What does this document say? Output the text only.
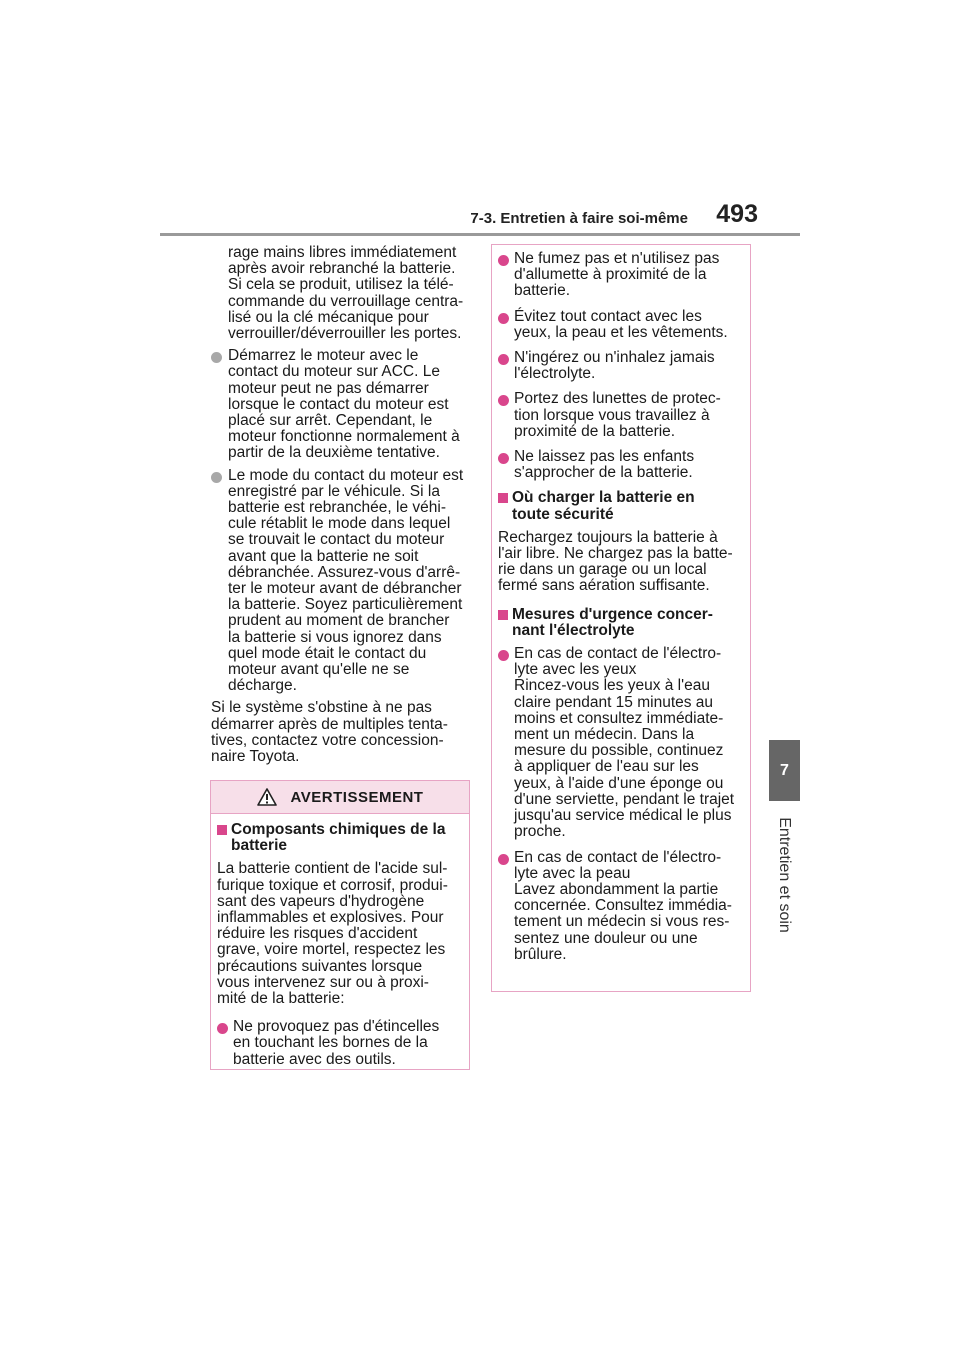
7-3. Entretien à faire soi-même 493
7
Entretien et soin
rage mains libres immédiatement
après avoir rebranché la batterie.
Si cela se produit, utilisez la télé-
commande du verrouillage centra-
lisé ou la clé mécanique pour
verrouiller/déverrouiller les portes.
Démarrez le moteur avec le
contact du moteur sur ACC. Le
moteur peut ne pas démarrer
lorsque le contact du moteur est
placé sur arrêt. Cependant, le
moteur fonctionne normalement à
partir de la deuxième tentative.
Le mode du contact du moteur est
enregistré par le véhicule. Si la
batterie est rebranchée, le véhi-
cule rétablit le mode dans lequel
se trouvait le contact du moteur
avant que la batterie ne soit
débranchée. Assurez-vous d'arrê-
ter le moteur avant de débrancher
la batterie. Soyez particulièrement
prudent au moment de brancher
la batterie si vous ignorez dans
quel mode était le contact du
moteur avant qu'elle ne se
décharge.
Si le système s'obstine à ne pas
démarrer après de multiples tenta-
tives, contactez votre concession-
naire Toyota.
AVERTISSEMENT
Composants chimiques de la
batterie
La batterie contient de l'acide sul-
furique toxique et corrosif, produi-
sant des vapeurs d'hydrogène
inflammables et explosives. Pour
réduire les risques d'accident
grave, voire mortel, respectez les
précautions suivantes lorsque
vous intervenez sur ou à proxi-
mité de la batterie:
Ne provoquez pas d'étincelles
en touchant les bornes de la
batterie avec des outils.
Ne fumez pas et n'utilisez pas
d'allumette à proximité de la
batterie.
Évitez tout contact avec les
yeux, la peau et les vêtements.
N'ingérez ou n'inhalez jamais
l'électrolyte.
Portez des lunettes de protec-
tion lorsque vous travaillez à
proximité de la batterie.
Ne laissez pas les enfants
s'approcher de la batterie.
Où charger la batterie en
toute sécurité
Rechargez toujours la batterie à
l'air libre. Ne chargez pas la batte-
rie dans un garage ou un local
fermé sans aération suffisante.
Mesures d'urgence concer-
nant l'électrolyte
En cas de contact de l'électro-
lyte avec les yeux
Rincez-vous les yeux à l'eau
claire pendant 15 minutes au
moins et consultez immédiate-
ment un médecin. Dans la
mesure du possible, continuez
à appliquer de l'eau sur les
yeux, à l'aide d'une éponge ou
d'une serviette, pendant le trajet
jusqu'au service médical le plus
proche.
En cas de contact de l'électro-
lyte avec la peau
Lavez abondamment la partie
concernée. Consultez immédia-
tement un médecin si vous res-
sentez une douleur ou une
brûlure.
